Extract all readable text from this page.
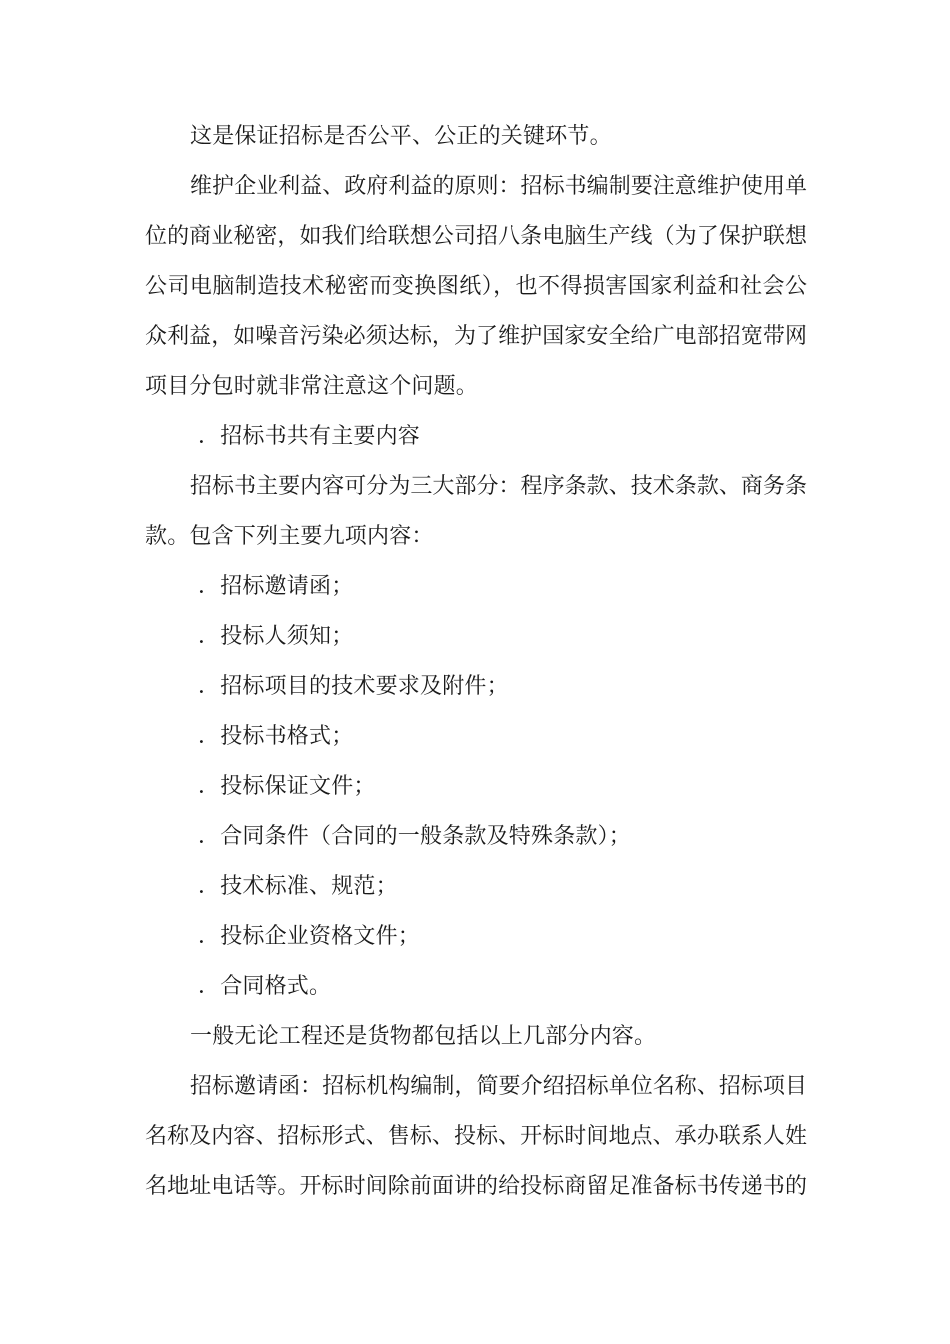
这是保证招标是否公平、公正的关键环节。
维护企业利益、政府利益的原则：招标书编制要注意维护使用单
位的商业秘密，如我们给联想公司招八条电脑生产线（为了保护联想
公司电脑制造技术秘密而变换图纸），也不得损害国家利益和社会公
众利益，如噪音污染必须达标，为了维护国家安全给广电部招宽带网
项目分包时就非常注意这个问题。
．招标书共有主要内容
招标书主要内容可分为三大部分：程序条款、技术条款、商务条
款。包含下列主要九项内容：
．招标邀请函；
．投标人须知；
．招标项目的技术要求及附件；
．投标书格式；
．投标保证文件；
．合同条件（合同的一般条款及特殊条款）；
．技术标准、规范；
．投标企业资格文件；
．合同格式。
一般无论工程还是货物都包括以上几部分内容。
招标邀请函：招标机构编制，简要介绍招标单位名称、招标项目
名称及内容、招标形式、售标、投标、开标时间地点、承办联系人姓
名地址电话等。开标时间除前面讲的给投标商留足准备标书传递书的
